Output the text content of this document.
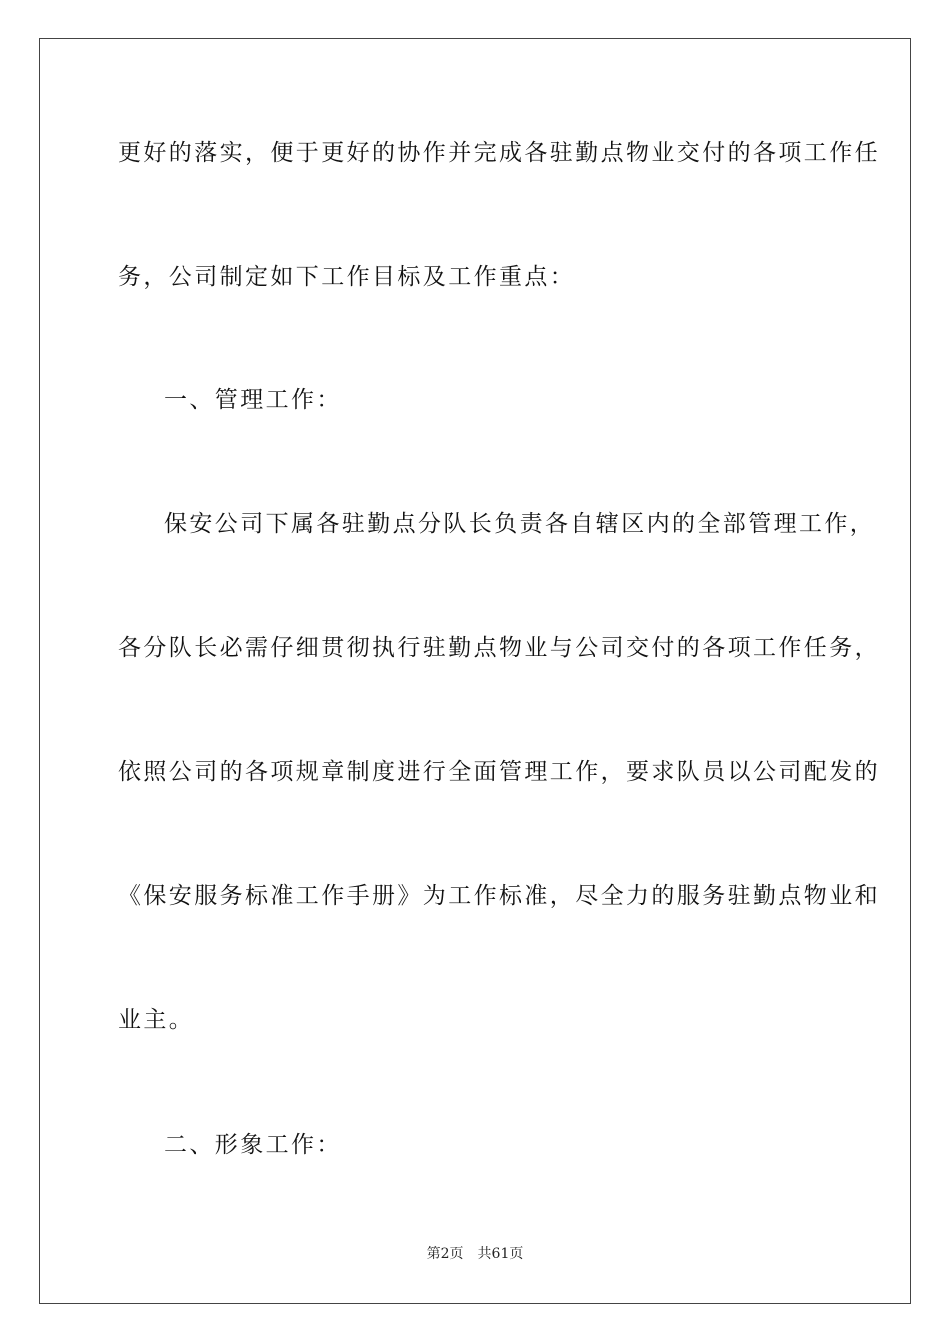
更好的落实，便于更好的协作并完成各驻勤点物业交付的各项工作任
务，公司制定如下工作目标及工作重点：
一、管理工作：
保安公司下属各驻勤点分队长负责各自辖区内的全部管理工作，
各分队长必需仔细贯彻执行驻勤点物业与公司交付的各项工作任务，
依照公司的各项规章制度进行全面管理工作，要求队员以公司配发的
《保安服务标准工作手册》为工作标准，尽全力的服务驻勤点物业和
业主。
二、形象工作：
第2页 共61页
